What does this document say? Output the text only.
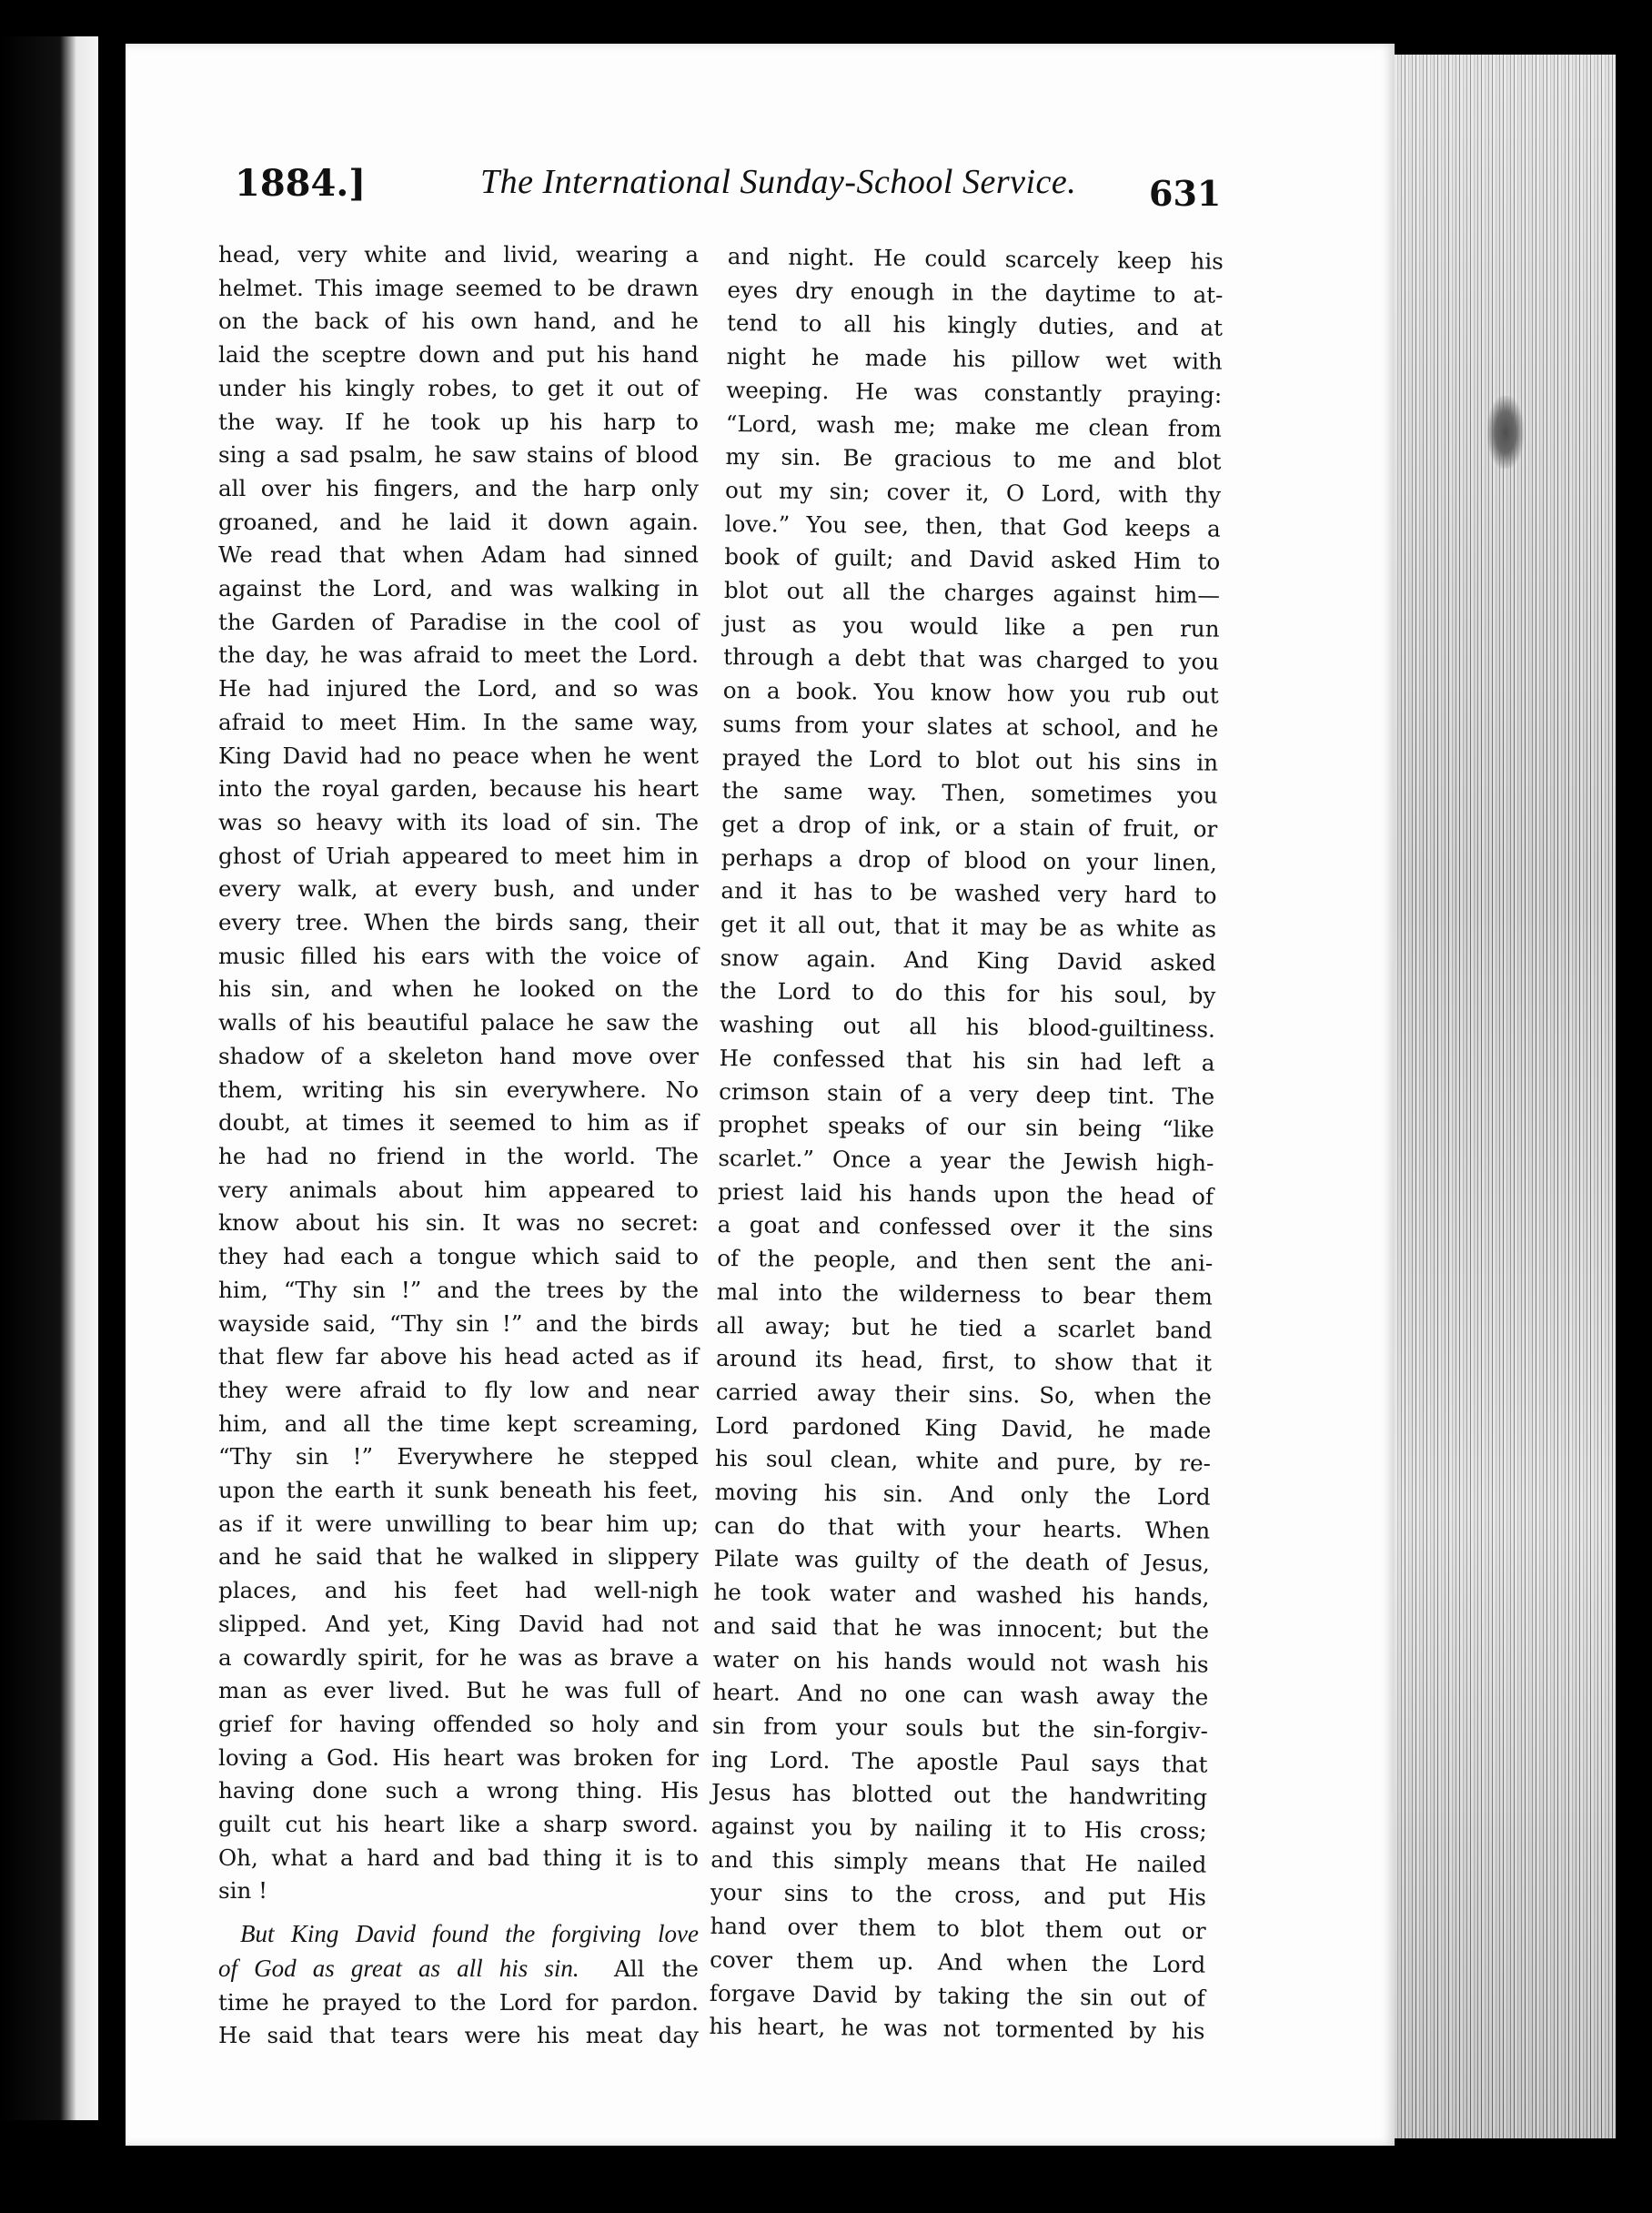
1884.]	The International Sunday-School Service. 631
head, very white and livid, wearing a
helmet. This image seemed to be drawn
on the back of his own hand, and he
laid the sceptre down and put his hand
under his kingly robes, to get it out of
the way. If he took up his harp to
sing a sad psalm, he saw stains of blood
all over his fingers, and the harp only
groaned, and he laid it down again.
We read that when Adam had sinned
against the Lord, and was walking in
the Garden of Paradise in the cool of
the day, he was afraid to meet the Lord.
He had injured the Lord, and so was
afraid to meet Him. In the same way,
King David had no peace when he went
into the royal garden, because his heart
was so heavy with its load of sin. The
ghost of Uriah appeared to meet him in
every walk, at every bush, and under
every tree. When the birds sang, their
music filled his ears with the voice of
his sin, and when he looked on the
walls of his beautiful palace he saw the
shadow of a skeleton hand move over
them, writing his sin everywhere. No
doubt, at times it seemed to him as if
he had no friend in the world. The
very animals about him appeared to
know about his sin. It was no secret:
they had each a tongue which said to
him, “Thy sin !” and the trees by the
wayside said, “Thy sin !” and the birds
that flew far above his head acted as if
they were afraid to fly low and near
him, and all the time kept screaming,
“Thy sin !” Everywhere he stepped
upon the earth it sunk beneath his feet,
as if it were unwilling to bear him up;
and he said that he walked in slippery
places, and his feet had well-nigh
slipped. And yet, King David had not
a cowardly spirit, for he was as brave a
man as ever lived. But he was full of
grief for having offended so holy and
loving a God. His heart was broken for
having done such a wrong thing. His
guilt cut his heart like a sharp sword.
Oh, what a hard and bad thing it is to
sin !
But King David found the forgiving love
of God as great as all his sin.  All the
time he prayed to the Lord for pardon.
He said that tears were his meat day
and night. He could scarcely keep his
eyes dry enough in the daytime to at-
tend to all his kingly duties, and at
night he made his pillow wet with
weeping. He was constantly praying:
“Lord, wash me; make me clean from
my sin. Be gracious to me and blot
out my sin; cover it, O Lord, with thy
love.” You see, then, that God keeps a
book of guilt; and David asked Him to
blot out all the charges against him—
just as you would like a pen run
through a debt that was charged to you
on a book. You know how you rub out
sums from your slates at school, and he
prayed the Lord to blot out his sins in
the same way. Then, sometimes you
get a drop of ink, or a stain of fruit, or
perhaps a drop of blood on your linen,
and it has to be washed very hard to
get it all out, that it may be as white as
snow again. And King David asked
the Lord to do this for his soul, by
washing out all his blood-guiltiness.
He confessed that his sin had left a
crimson stain of a very deep tint. The
prophet speaks of our sin being “like
scarlet.” Once a year the Jewish high-
priest laid his hands upon the head of
a goat and confessed over it the sins
of the people, and then sent the ani-
mal into the wilderness to bear them
all away; but he tied a scarlet band
around its head, first, to show that it
carried away their sins. So, when the
Lord pardoned King David, he made
his soul clean, white and pure, by re-
moving his sin. And only the Lord
can do that with your hearts. When
Pilate was guilty of the death of Jesus,
he took water and washed his hands,
and said that he was innocent; but the
water on his hands would not wash his
heart. And no one can wash away the
sin from your souls but the sin-forgiv-
ing Lord. The apostle Paul says that
Jesus has blotted out the handwriting
against you by nailing it to His cross;
and this simply means that He nailed
your sins to the cross, and put His
hand over them to blot them out or
cover them up. And when the Lord
forgave David by taking the sin out of
his heart, he was not tormented by his
